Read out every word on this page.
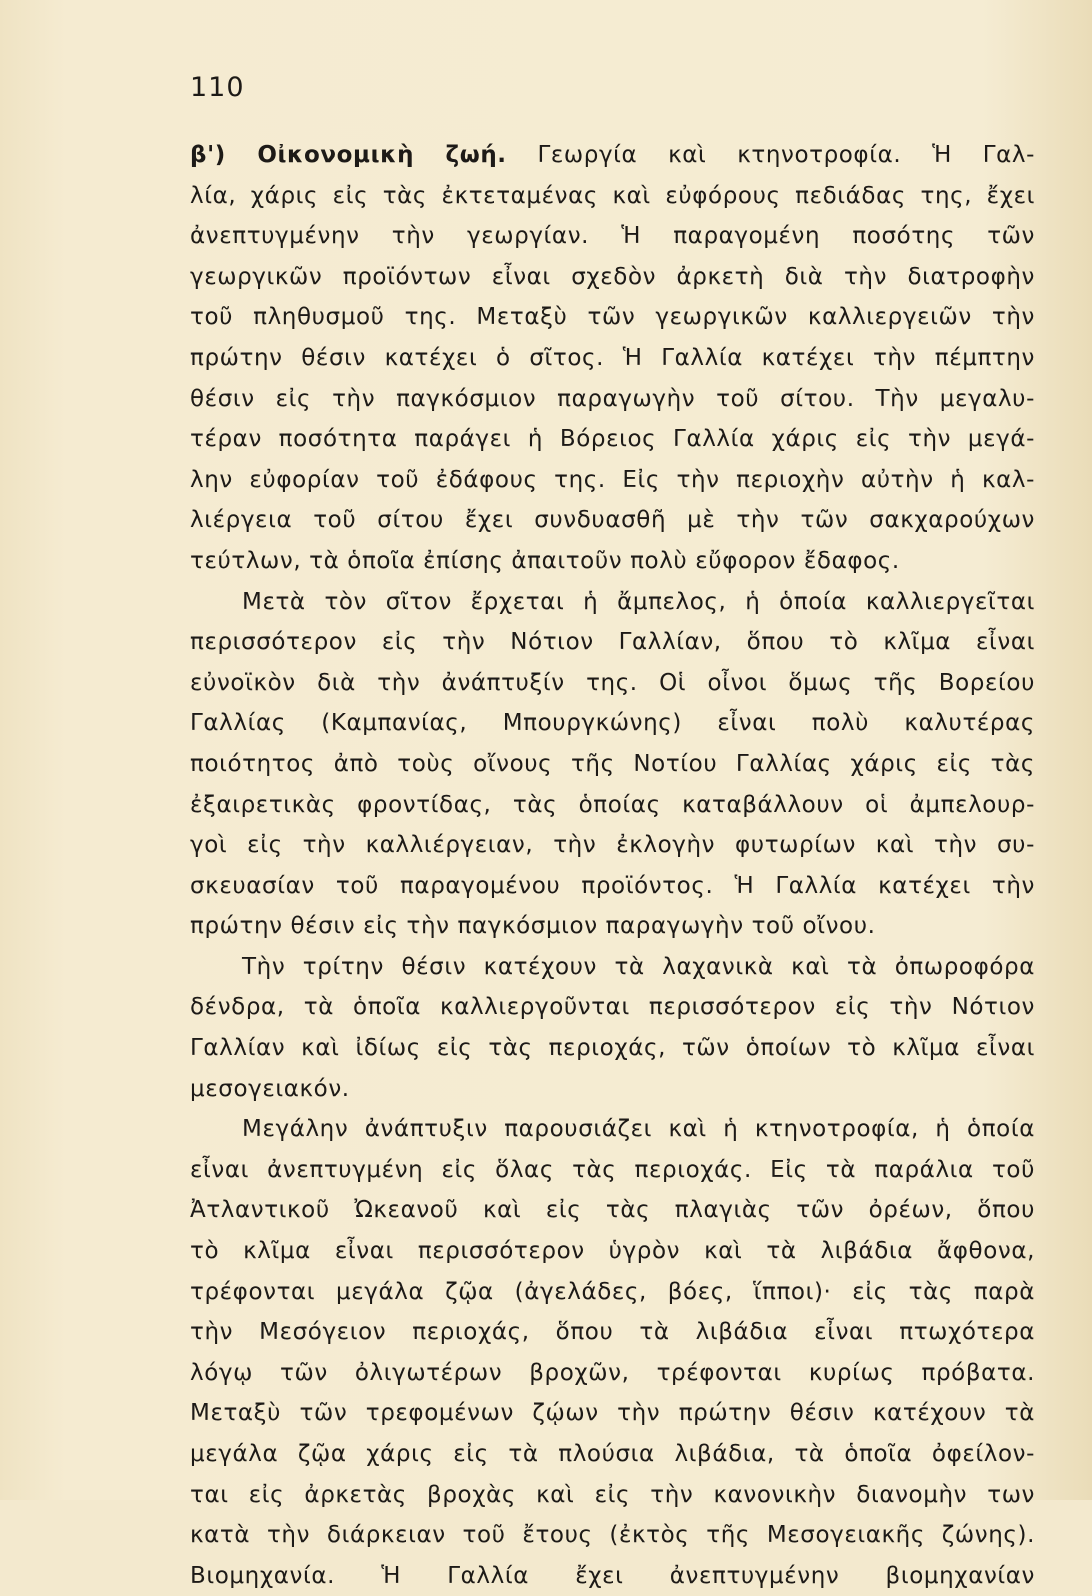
110
β') Οἰκονομικὴ ζωή. Γεωργία καὶ κτηνοτροφία. Ἡ Γαλ-
λία, χάρις εἰς τὰς ἐκτεταμένας καὶ εὐφόρους πεδιάδας της, ἔχει
ἀνεπτυγμένην τὴν γεωργίαν. Ἡ παραγομένη ποσότης τῶν
γεωργικῶν προϊόντων εἶναι σχεδὸν ἀρκετὴ διὰ τὴν διατροφὴν
τοῦ πληθυσμοῦ της. Μεταξὺ τῶν γεωργικῶν καλλιεργειῶν τὴν
πρώτην θέσιν κατέχει ὁ σῖτος. Ἡ Γαλλία κατέχει τὴν πέμπτην
θέσιν εἰς τὴν παγκόσμιον παραγωγὴν τοῦ σίτου. Τὴν μεγαλυ-
τέραν ποσότητα παράγει ἡ Βόρειος Γαλλία χάρις εἰς τὴν μεγά-
λην εὐφορίαν τοῦ ἐδάφους της. Εἰς τὴν περιοχὴν αὐτὴν ἡ καλ-
λιέργεια τοῦ σίτου ἔχει συνδυασθῆ μὲ τὴν τῶν σακχαρούχων
τεύτλων, τὰ ὁποῖα ἐπίσης ἀπαιτοῦν πολὺ εὔφορον ἔδαφος.
Μετὰ τὸν σῖτον ἔρχεται ἡ ἄμπελος, ἡ ὁποία καλλιεργεῖται
περισσότερον εἰς τὴν Νότιον Γαλλίαν, ὅπου τὸ κλῖμα εἶναι
εὐνοϊκὸν διὰ τὴν ἀνάπτυξίν της. Οἱ οἶνοι ὅμως τῆς Βορείου
Γαλλίας (Καμπανίας, Μπουργκώνης) εἶναι πολὺ καλυτέρας
ποιότητος ἀπὸ τοὺς οἴνους τῆς Νοτίου Γαλλίας χάρις εἰς τὰς
ἐξαιρετικὰς φροντίδας, τὰς ὁποίας καταβάλλουν οἱ ἀμπελουρ-
γοὶ εἰς τὴν καλλιέργειαν, τὴν ἐκλογὴν φυτωρίων καὶ τὴν συ-
σκευασίαν τοῦ παραγομένου προϊόντος. Ἡ Γαλλία κατέχει τὴν
πρώτην θέσιν εἰς τὴν παγκόσμιον παραγωγὴν τοῦ οἴνου.
Τὴν τρίτην θέσιν κατέχουν τὰ λαχανικὰ καὶ τὰ ὀπωροφόρα
δένδρα, τὰ ὁποῖα καλλιεργοῦνται περισσότερον εἰς τὴν Νότιον
Γαλλίαν καὶ ἰδίως εἰς τὰς περιοχάς, τῶν ὁποίων τὸ κλῖμα εἶναι
μεσογειακόν.
Μεγάλην ἀνάπτυξιν παρουσιάζει καὶ ἡ κτηνοτροφία, ἡ ὁποία
εἶναι ἀνεπτυγμένη εἰς ὅλας τὰς περιοχάς. Εἰς τὰ παράλια τοῦ
Ἀτλαντικοῦ Ὠκεανοῦ καὶ εἰς τὰς πλαγιὰς τῶν ὀρέων, ὅπου
τὸ κλῖμα εἶναι περισσότερον ὑγρὸν καὶ τὰ λιβάδια ἄφθονα,
τρέφονται μεγάλα ζῷα (ἀγελάδες, βόες, ἵπποι)· εἰς τὰς παρὰ
τὴν Μεσόγειον περιοχάς, ὅπου τὰ λιβάδια εἶναι πτωχότερα
λόγῳ τῶν ὀλιγωτέρων βροχῶν, τρέφονται κυρίως πρόβατα.
Μεταξὺ τῶν τρεφομένων ζῴων τὴν πρώτην θέσιν κατέχουν τὰ
μεγάλα ζῷα χάρις εἰς τὰ πλούσια λιβάδια, τὰ ὁποῖα ὀφείλον-
ται εἰς ἀρκετὰς βροχὰς καὶ εἰς τὴν κανονικὴν διανομὴν των
κατὰ τὴν διάρκειαν τοῦ ἔτους (ἐκτὸς τῆς Μεσογειακῆς ζώνης).
Βιομηχανία. Ἡ Γαλλία ἔχει ἀνεπτυγμένην βιομηχανίαν
